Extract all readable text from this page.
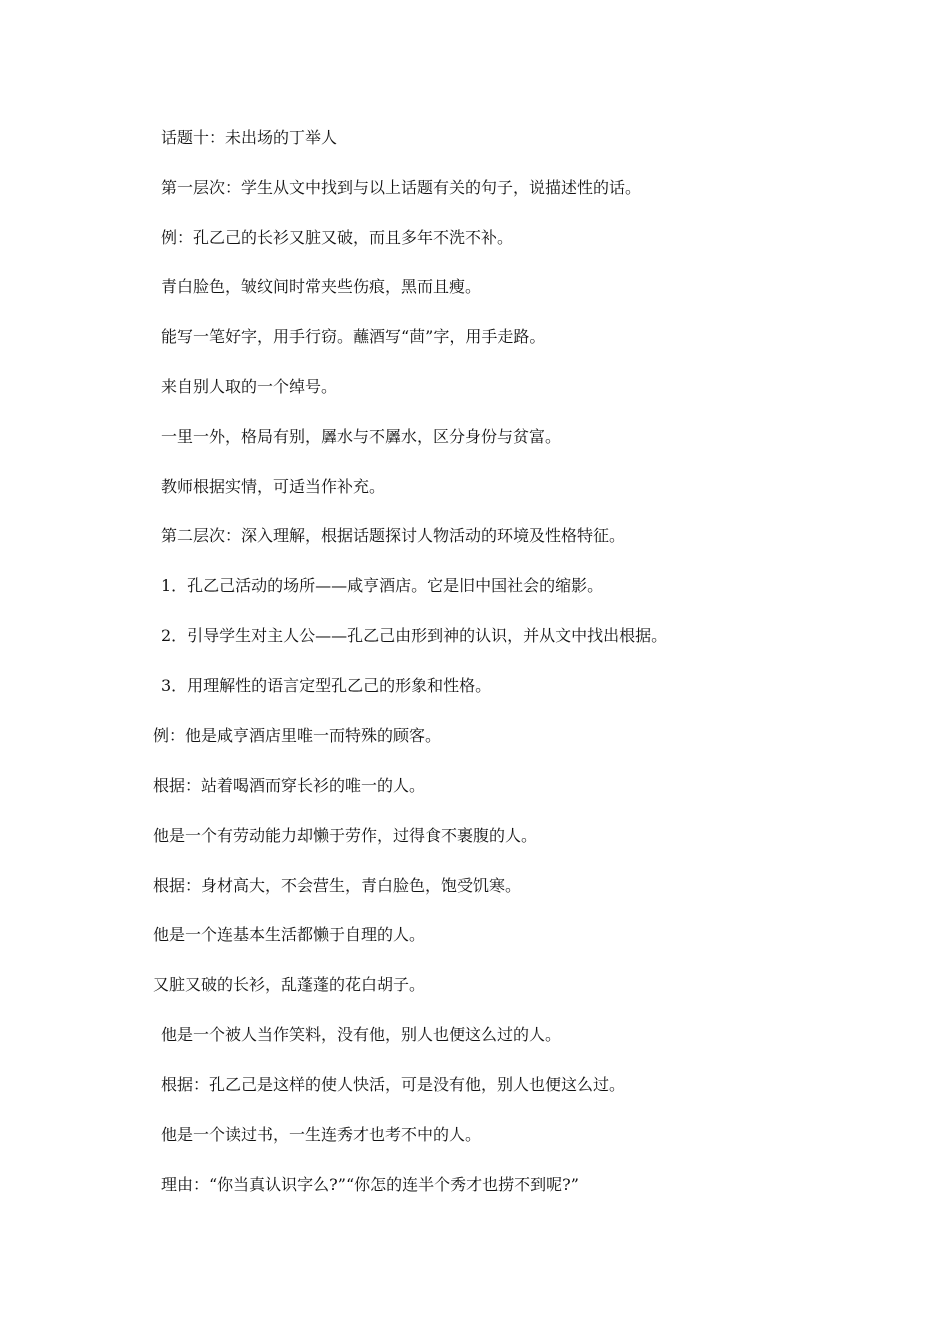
话题十：未出场的丁举人
第一层次：学生从文中找到与以上话题有关的句子，说描述性的话。
例：孔乙己的长衫又脏又破，而且多年不洗不补。
青白脸色，皱纹间时常夹些伤痕，黑而且瘦。
能写一笔好字，用手行窃。蘸酒写“茴”字，用手走路。
来自别人取的一个绰号。
一里一外，格局有别，羼水与不羼水，区分身份与贫富。
教师根据实情，可适当作补充。
第二层次：深入理解，根据话题探讨人物活动的环境及性格特征。
1．孔乙己活动的场所——咸亨酒店。它是旧中国社会的缩影。
2．引导学生对主人公——孔乙己由形到神的认识，并从文中找出根据。
3．用理解性的语言定型孔乙己的形象和性格。
例：他是咸亨酒店里唯一而特殊的顾客。
根据：站着喝酒而穿长衫的唯一的人。
他是一个有劳动能力却懒于劳作，过得食不裹腹的人。
根据：身材高大，不会营生，青白脸色，饱受饥寒。
他是一个连基本生活都懒于自理的人。
又脏又破的长衫，乱蓬蓬的花白胡子。
他是一个被人当作笑料，没有他，别人也便这么过的人。
根据：孔乙己是这样的使人快活，可是没有他，别人也便这么过。
他是一个读过书，一生连秀才也考不中的人。
理由：“你当真认识字么?”“你怎的连半个秀才也捞不到呢?”
